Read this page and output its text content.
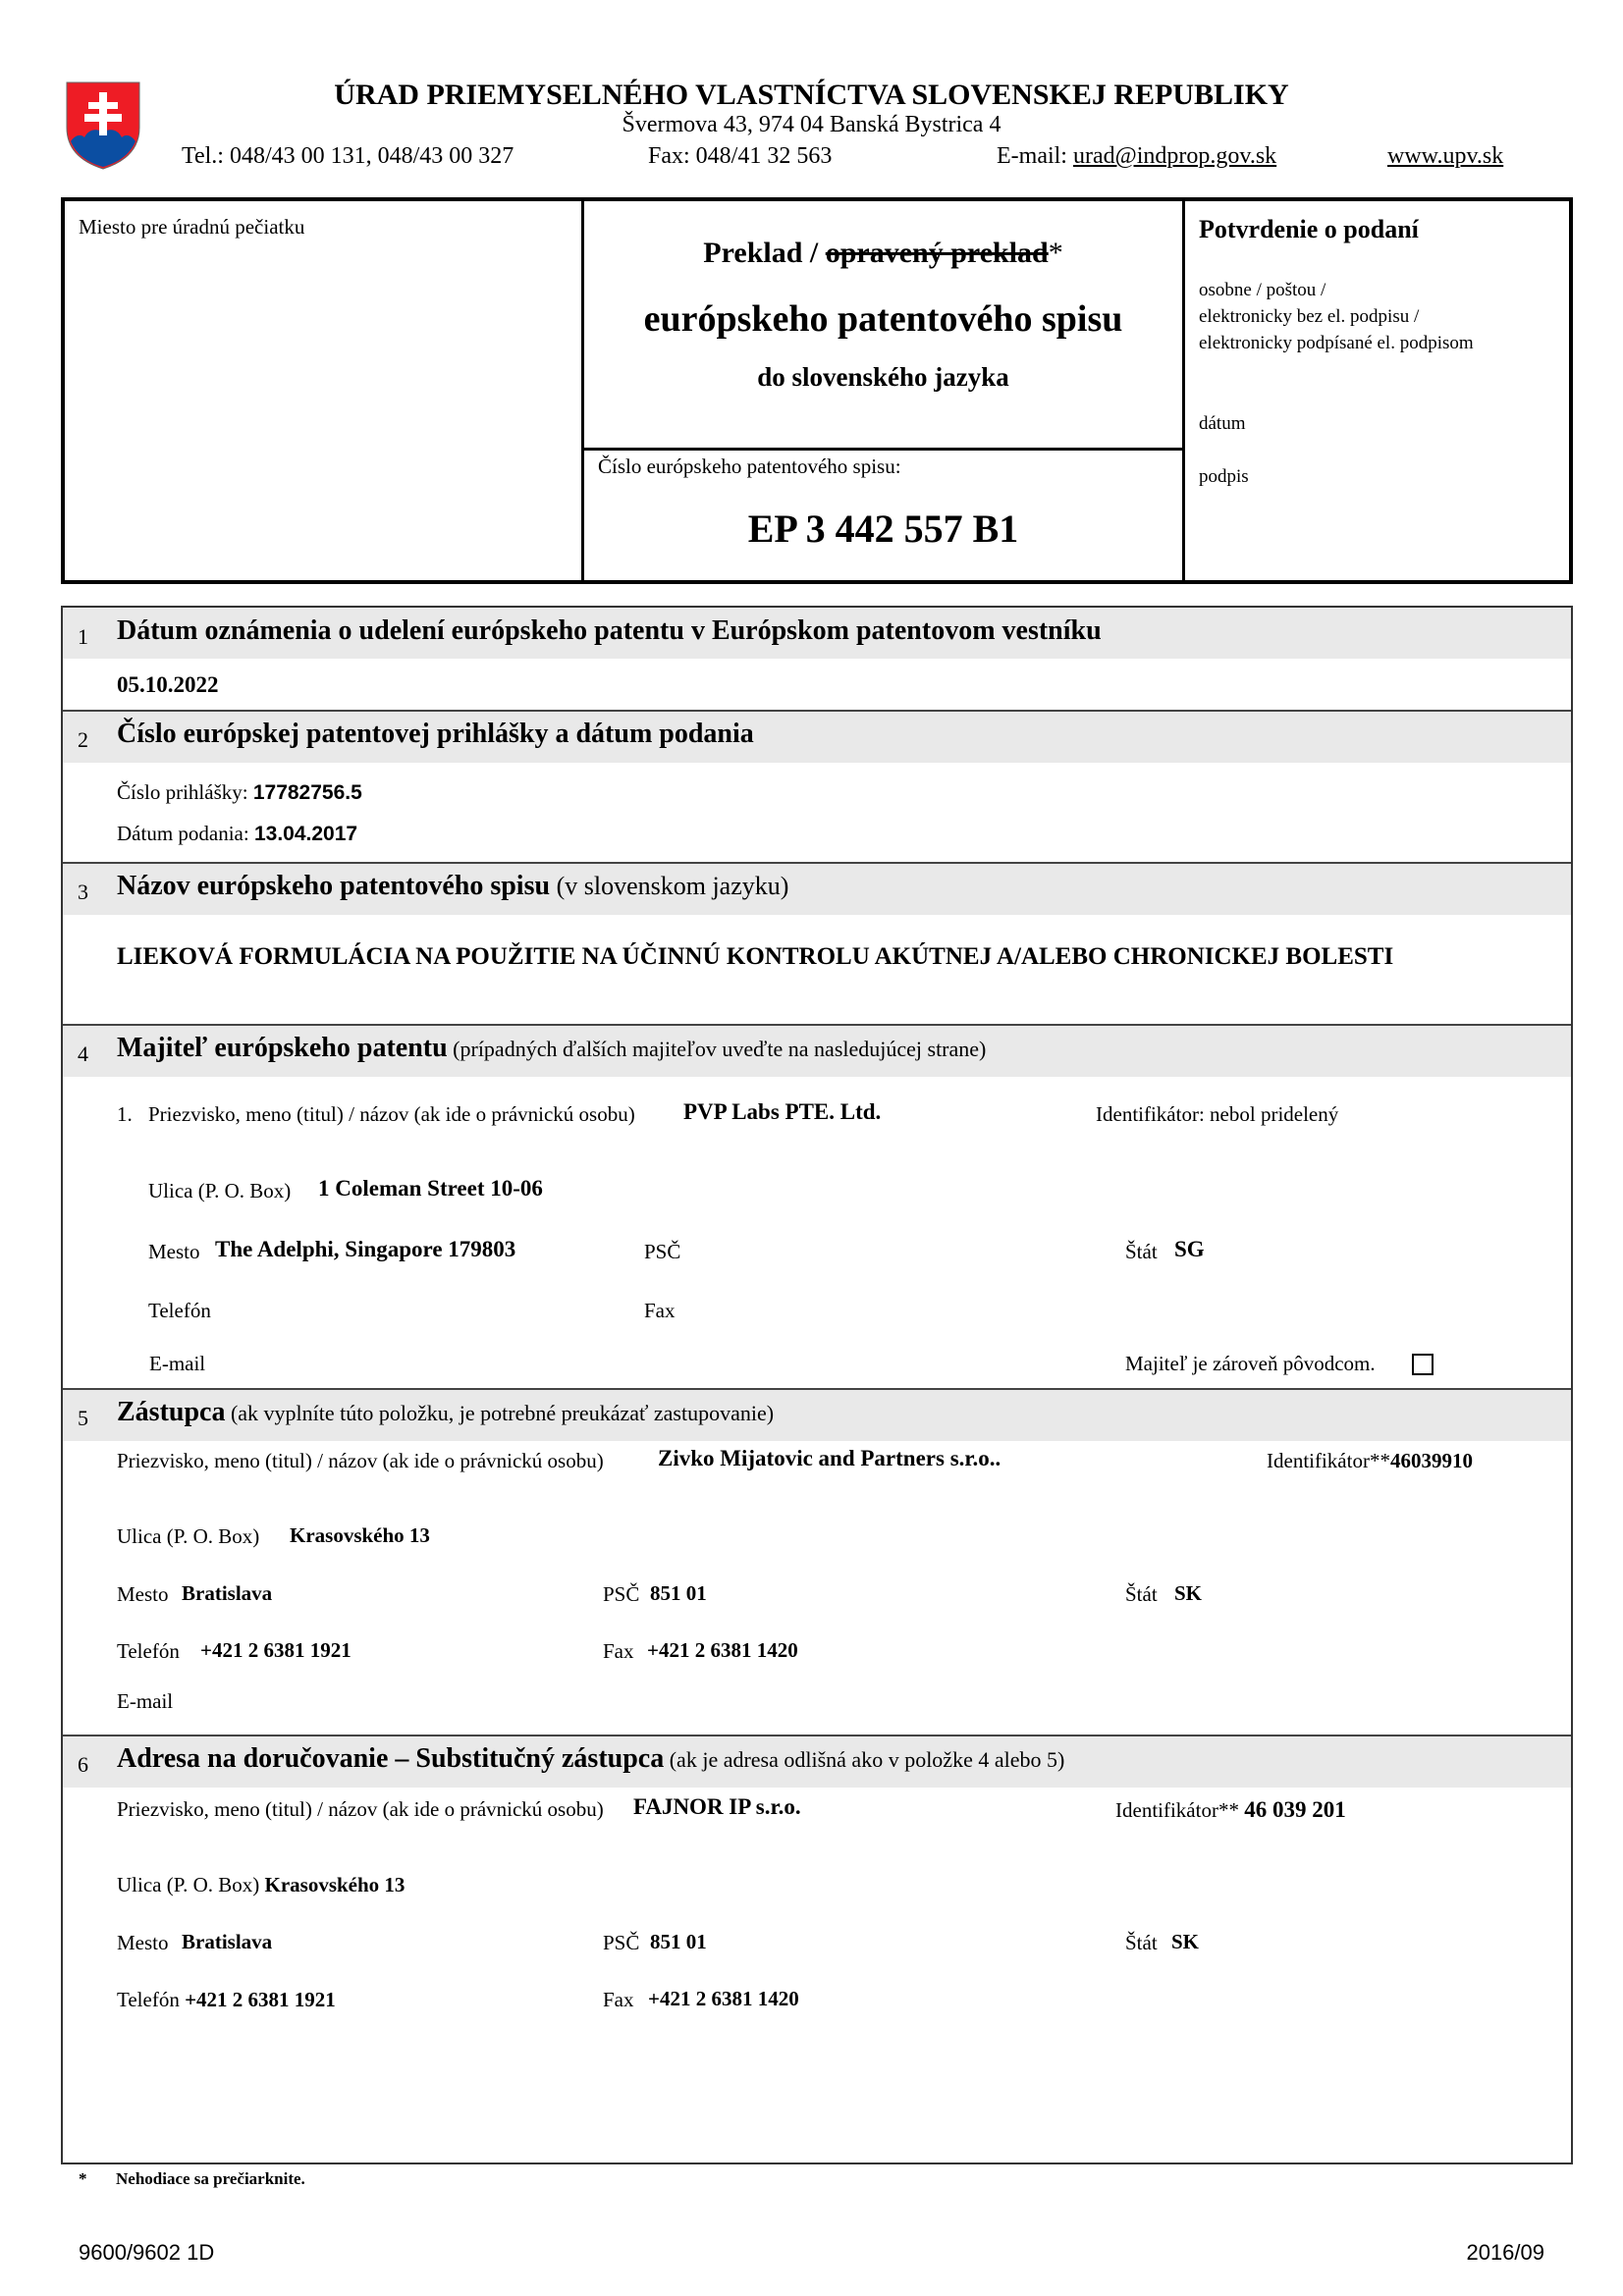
ÚRAD PRIEMYSELNÉHO VLASTNÍCTVA SLOVENSKEJ REPUBLIKY
Švermova 43, 974 04 Banská Bystrica 4
Tel.: 048/43 00 131, 048/43 00 327	Fax: 048/41 32 563	E-mail: urad@indprop.gov.sk	www.upv.sk
Miesto pre úradnú pečiatku
Preklad / opravený preklad*
európskeho patentového spisu
do slovenského jazyka
Číslo európskeho patentového spisu:
EP 3 442 557 B1
Potvrdenie o podaní
osobne / poštou /
elektronicky bez el. podpisu /
elektronicky podpísané el. podpisom
dátum
podpis
1 Dátum oznámenia o udelení európskeho patentu v Európskom patentovom vestníku
05.10.2022
2 Číslo európskej patentovej prihlášky a dátum podania
Číslo prihlášky: 17782756.5
Dátum podania: 13.04.2017
3 Názov európskeho patentového spisu (v slovenskom jazyku)
LIEKOVÁ FORMULÁCIA NA POUŽITIE NA ÚČINNÚ KONTROLU AKÚTNEJ A/ALEBO CHRONICKEJ BOLESTI
4 Majiteľ európskeho patentu (prípadných ďalších majiteľov uveďte na nasledujúcej strane)
1. Priezvisko, meno (titul) / názov (ak ide o právnickú osobu) PVP Labs PTE. Ltd.	Identifikátor: nebol pridelený
Ulica (P. O. Box) 1 Coleman Street 10-06
Mesto The Adelphi, Singapore 179803	PSČ	Štát SG
Telefón	Fax
E-mail	Majiteľ je zároveň pôvodcom.
5 Zástupca (ak vyplníte túto položku, je potrebné preukázať zastupovanie)
Priezvisko, meno (titul) / názov (ak ide o právnickú osobu) Zivko Mijatovic and Partners s.r.o..	Identifikátor**46039910
Ulica (P. O. Box) Krasovského 13
Mesto Bratislava	PSČ 851 01	Štát SK
Telefón +421 2 6381 1921	Fax +421 2 6381 1420
E-mail
6 Adresa na doručovanie – Substitučný zástupca (ak je adresa odlišná ako v položke 4 alebo 5)
Priezvisko, meno (titul) / názov (ak ide o právnickú osobu) FAJNOR IP s.r.o.	Identifikátor** 46 039 201
Ulica (P. O. Box) Krasovského 13
Mesto Bratislava	PSČ 851 01	Štát SK
Telefón +421 2 6381 1921	Fax +421 2 6381 1420
* Nehodiace sa prečiarknite.
9600/9602 1D	2016/09
